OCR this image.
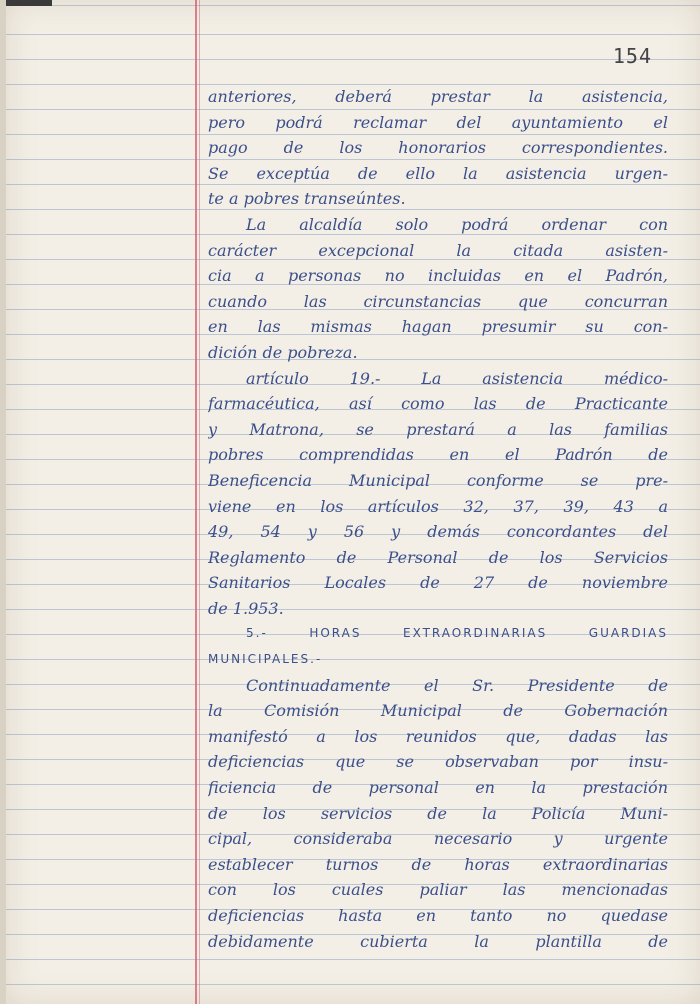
154
anteriores, deberá prestar la asistencia,
pero podrá reclamar del ayuntamiento el
pago de los honorarios correspondientes.
Se exceptúa de ello la asistencia urgen-
te a pobres transeúntes.
La alcaldía solo podrá ordenar con
carácter excepcional la citada asisten-
cia a personas no incluidas en el Padrón,
cuando las circunstancias que concurran
en las mismas hagan presumir su con-
dición de pobreza.
artículo 19.- La asistencia médico-
farmacéutica, así como las de Practicante
y Matrona, se prestará a las familias
pobres comprendidas en el Padrón de
Beneficencia Municipal conforme se pre-
viene en los artículos 32, 37, 39, 43 a
49, 54 y 56 y demás concordantes del
Reglamento de Personal de los Servicios
Sanitarios Locales de 27 de noviembre
de 1.953.
5.- HORAS EXTRAORDINARIAS GUARDIAS
MUNICIPALES.-
Continuadamente el Sr. Presidente de
la Comisión Municipal de Gobernación
manifestó a los reunidos que, dadas las
deficiencias que se observaban por insu-
ficiencia de personal en la prestación
de los servicios de la Policía Muni-
cipal, consideraba necesario y urgente
establecer turnos de horas extraordinarias
con los cuales paliar las mencionadas
deficiencias hasta en tanto no quedase
debidamente cubierta la plantilla de
